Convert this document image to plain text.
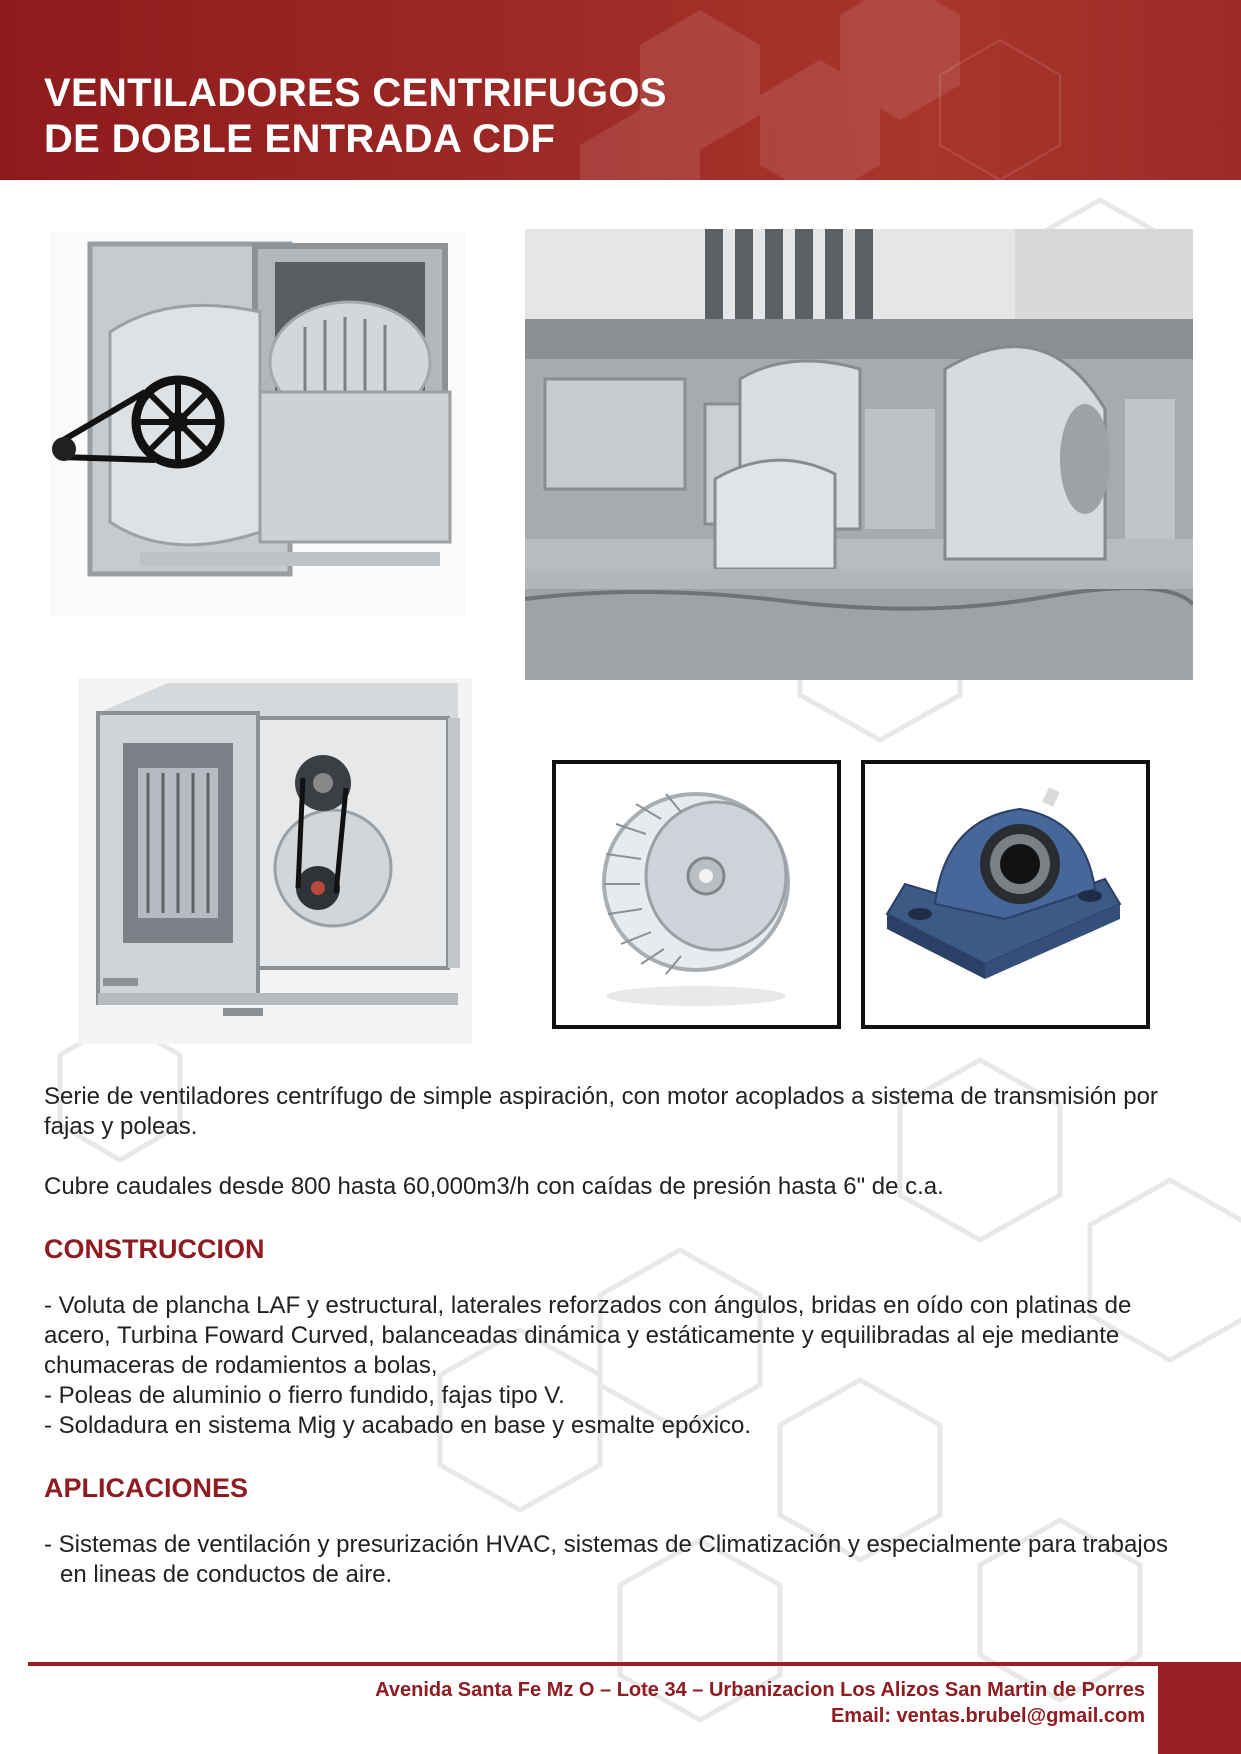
VENTILADORES CENTRIFUGOS
DE DOBLE ENTRADA CDF

Serie de ventiladores centrífugo de simple aspiración, con motor acoplados a sistema de transmisión por fajas y poleas.

Cubre caudales desde 800 hasta 60,000m3/h con caídas de presión hasta 6" de c.a.

CONSTRUCCION
- Voluta de plancha LAF y estructural, laterales reforzados con ángulos, bridas en oído con platinas de acero, Turbina Foward Curved, balanceadas dinámica y estáticamente y equilibradas al eje mediante chumaceras de rodamientos a bolas,
- Poleas de aluminio o fierro fundido, fajas tipo V.
- Soldadura en sistema Mig y acabado en base y esmalte epóxico.
APLICACIONES
- Sistemas de ventilación y presurización HVAC, sistemas de Climatización y especialmente para trabajos en lineas de conductos de aire.
Avenida Santa Fe Mz O – Lote 34 – Urbanizacion Los Alizos San Martin de Porres
Email: ventas.brubel@gmail.com
